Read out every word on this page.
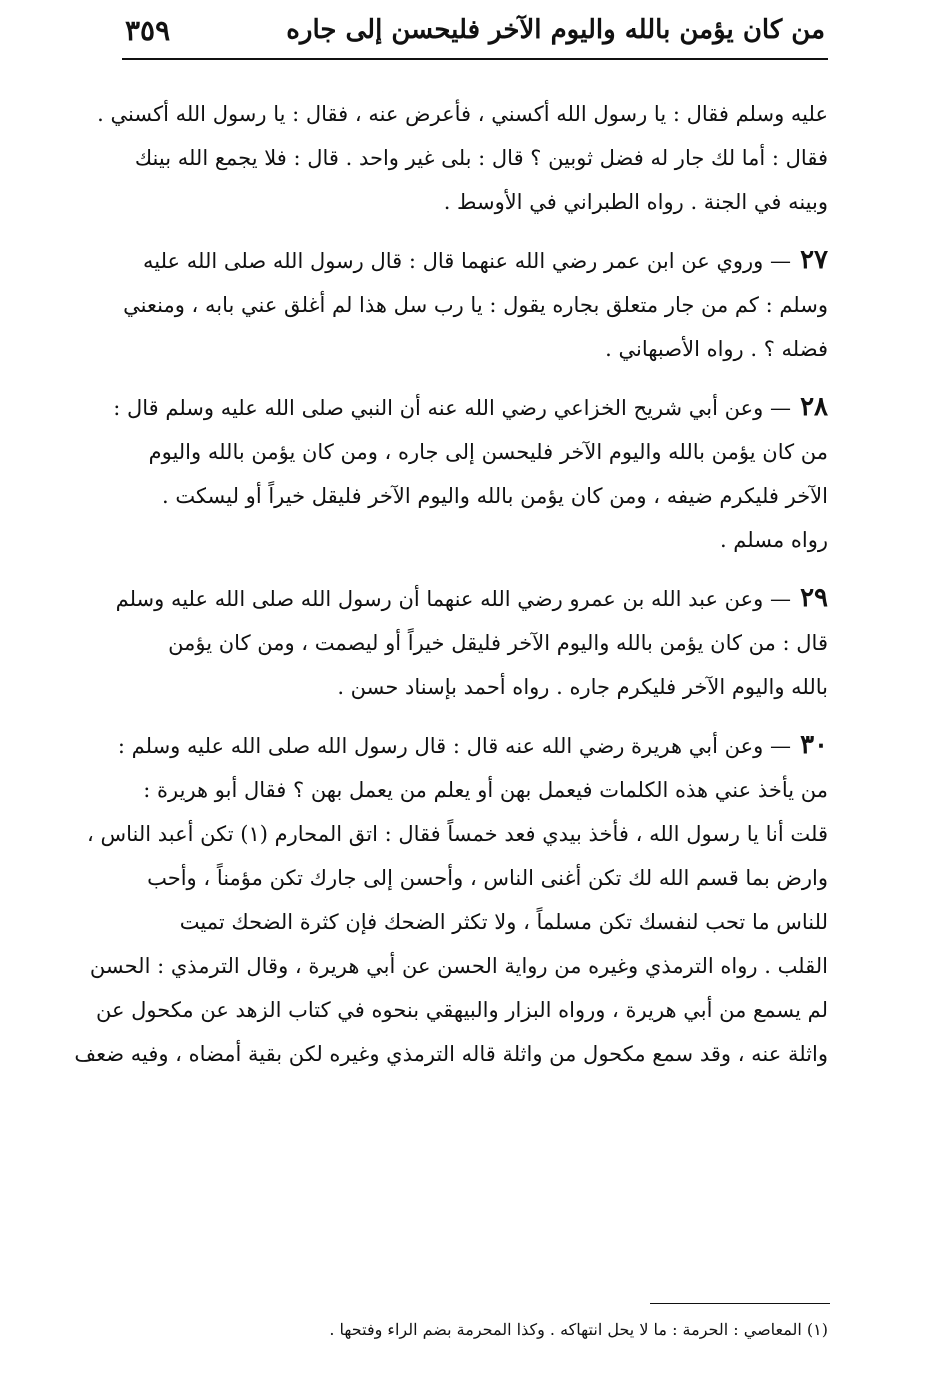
من كان يؤمن بالله واليوم الآخر فليحسن إلى جاره
٣٥٩
عليه وسلم فقال : يا رسول الله أكسني ، فأعرض عنه ، فقال : يا رسول الله أكسني .
فقال : أما لك جار له فضل ثوبين ؟ قال : بلى غير واحد . قال : فلا يجمع الله بينك
وبينه في الجنة . رواه الطبراني في الأوسط .
٢٧ — وروي عن ابن عمر رضي الله عنهما قال : قال رسول الله صلى الله عليه
وسلم : كم من جار متعلق بجاره يقول : يا رب سل هذا لم أغلق عني بابه ، ومنعني
فضله ؟ . رواه الأصبهاني .
٢٨ — وعن أبي شريح الخزاعي رضي الله عنه أن النبي صلى الله عليه وسلم قال :
من كان يؤمن بالله واليوم الآخر فليحسن إلى جاره ، ومن كان يؤمن بالله واليوم
الآخر فليكرم ضيفه ، ومن كان يؤمن بالله واليوم الآخر فليقل خيراً أو ليسكت .
رواه مسلم .
٢٩ — وعن عبد الله بن عمرو رضي الله عنهما أن رسول الله صلى الله عليه وسلم
قال : من كان يؤمن بالله واليوم الآخر فليقل خيراً أو ليصمت ، ومن كان يؤمن
بالله واليوم الآخر فليكرم جاره . رواه أحمد بإسناد حسن .
٣٠ — وعن أبي هريرة رضي الله عنه قال : قال رسول الله صلى الله عليه وسلم :
من يأخذ عني هذه الكلمات فيعمل بهن أو يعلم من يعمل بهن ؟ فقال أبو هريرة :
قلت أنا يا رسول الله ، فأخذ بيدي فعد خمساً فقال : اتق المحارم (١) تكن أعبد الناس ،
وارض بما قسم الله لك تكن أغنى الناس ، وأحسن إلى جارك تكن مؤمناً ، وأحب
للناس ما تحب لنفسك تكن مسلماً ، ولا تكثر الضحك فإن كثرة الضحك تميت
القلب . رواه الترمذي وغيره من رواية الحسن عن أبي هريرة ، وقال الترمذي : الحسن
لم يسمع من أبي هريرة ، ورواه البزار والبيهقي بنحوه في كتاب الزهد عن مكحول عن
واثلة عنه ، وقد سمع مكحول من واثلة قاله الترمذي وغيره لكن بقية أمضاه ، وفيه ضعف
(١) المعاصي : الحرمة : ما لا يحل انتهاكه . وكذا المحرمة بضم الراء وفتحها .
